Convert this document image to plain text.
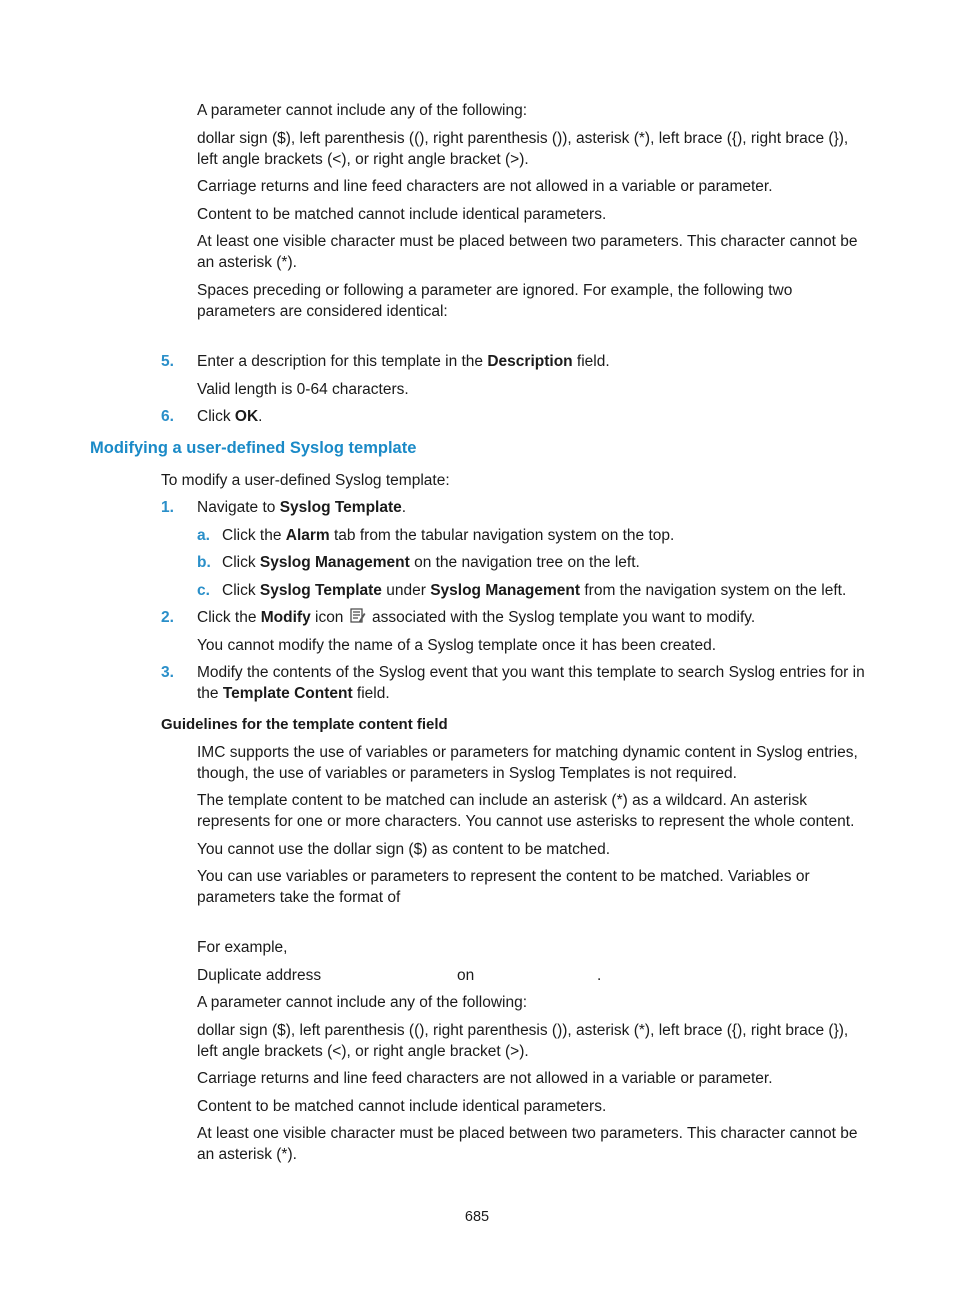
A parameter cannot include any of the following:
dollar sign ($), left parenthesis ((), right parenthesis ()), asterisk (*), left brace ({), right brace (}), left angle brackets (<), or right angle bracket (>).
Carriage returns and line feed characters are not allowed in a variable or parameter.
Content to be matched cannot include identical parameters.
At least one visible character must be placed between two parameters. This character cannot be an asterisk (*).
Spaces preceding or following a parameter are ignored. For example, the following two parameters are considered identical:
5. Enter a description for this template in the Description field.
Valid length is 0-64 characters.
6. Click OK.
Modifying a user-defined Syslog template
To modify a user-defined Syslog template:
1. Navigate to Syslog Template.
a. Click the Alarm tab from the tabular navigation system on the top.
b. Click Syslog Management on the navigation tree on the left.
c. Click Syslog Template under Syslog Management from the navigation system on the left.
2. Click the Modify icon  associated with the Syslog template you want to modify.
You cannot modify the name of a Syslog template once it has been created.
3. Modify the contents of the Syslog event that you want this template to search Syslog entries for in the Template Content field.
Guidelines for the template content field
IMC supports the use of variables or parameters for matching dynamic content in Syslog entries, though, the use of variables or parameters in Syslog Templates is not required.
The template content to be matched can include an asterisk (*) as a wildcard. An asterisk represents for one or more characters. You cannot use asterisks to represent the whole content.
You cannot use the dollar sign ($) as content to be matched.
You can use variables or parameters to represent the content to be matched. Variables or parameters take the format of
For example,
Duplicate address	on	.
A parameter cannot include any of the following:
dollar sign ($), left parenthesis ((), right parenthesis ()), asterisk (*), left brace ({), right brace (}), left angle brackets (<), or right angle bracket (>).
Carriage returns and line feed characters are not allowed in a variable or parameter.
Content to be matched cannot include identical parameters.
At least one visible character must be placed between two parameters. This character cannot be an asterisk (*).
685
